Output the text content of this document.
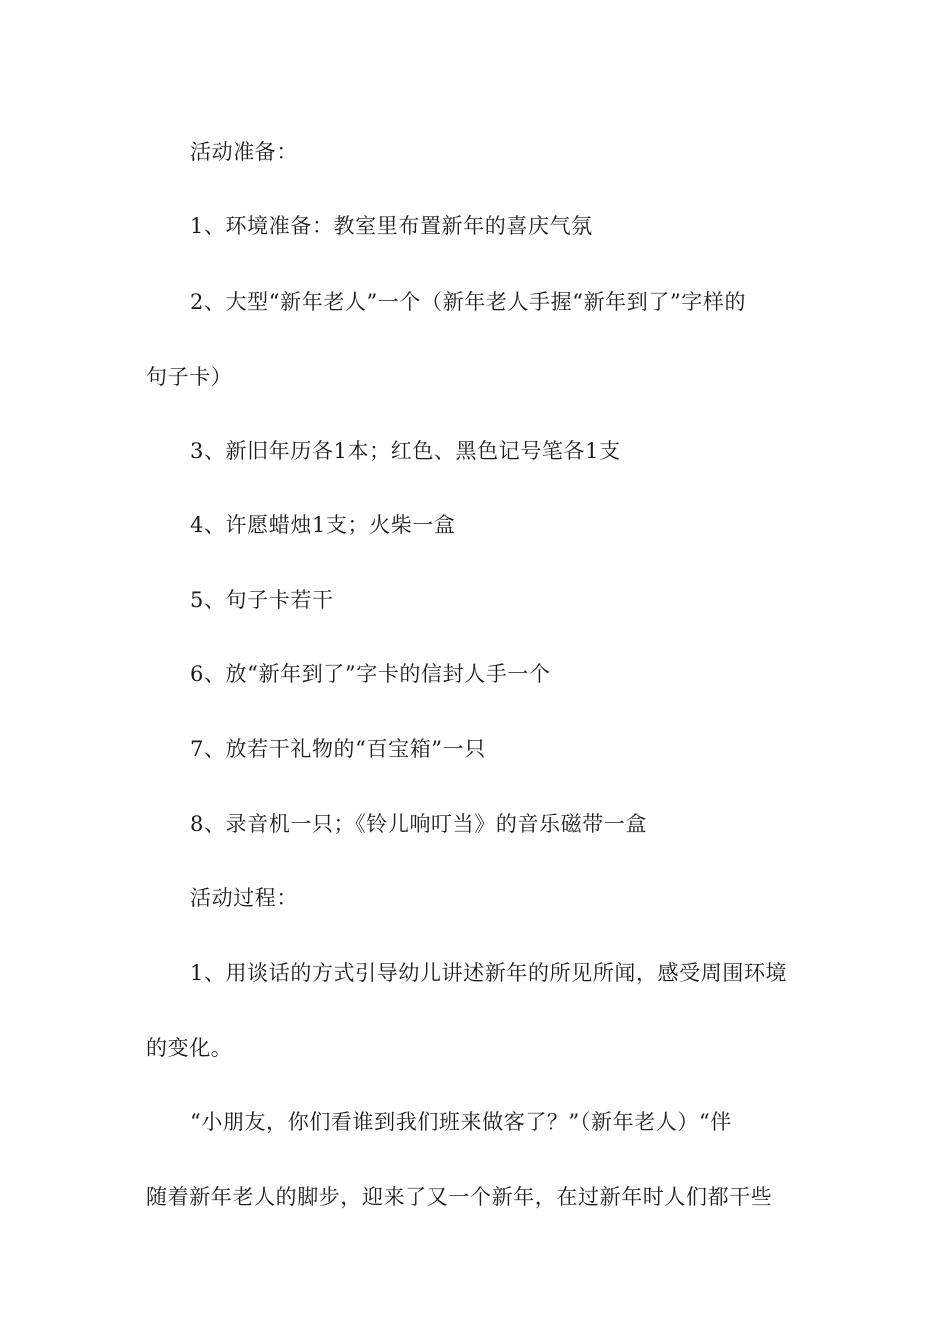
活动准备：
1、环境准备：教室里布置新年的喜庆气氛
2、大型“新年老人”一个（新年老人手握“新年到了”字样的
句子卡）
3、新旧年历各1本；红色、黑色记号笔各1支
4、许愿蜡烛1支；火柴一盒
5、句子卡若干
6、放“新年到了”字卡的信封人手一个
7、放若干礼物的“百宝箱”一只
8、录音机一只；《铃儿响叮当》的音乐磁带一盒
活动过程：
1、用谈话的方式引导幼儿讲述新年的所见所闻，感受周围环境
的变化。
“小朋友，你们看谁到我们班来做客了？”（新年老人）“伴
随着新年老人的脚步，迎来了又一个新年，在过新年时人们都干些
